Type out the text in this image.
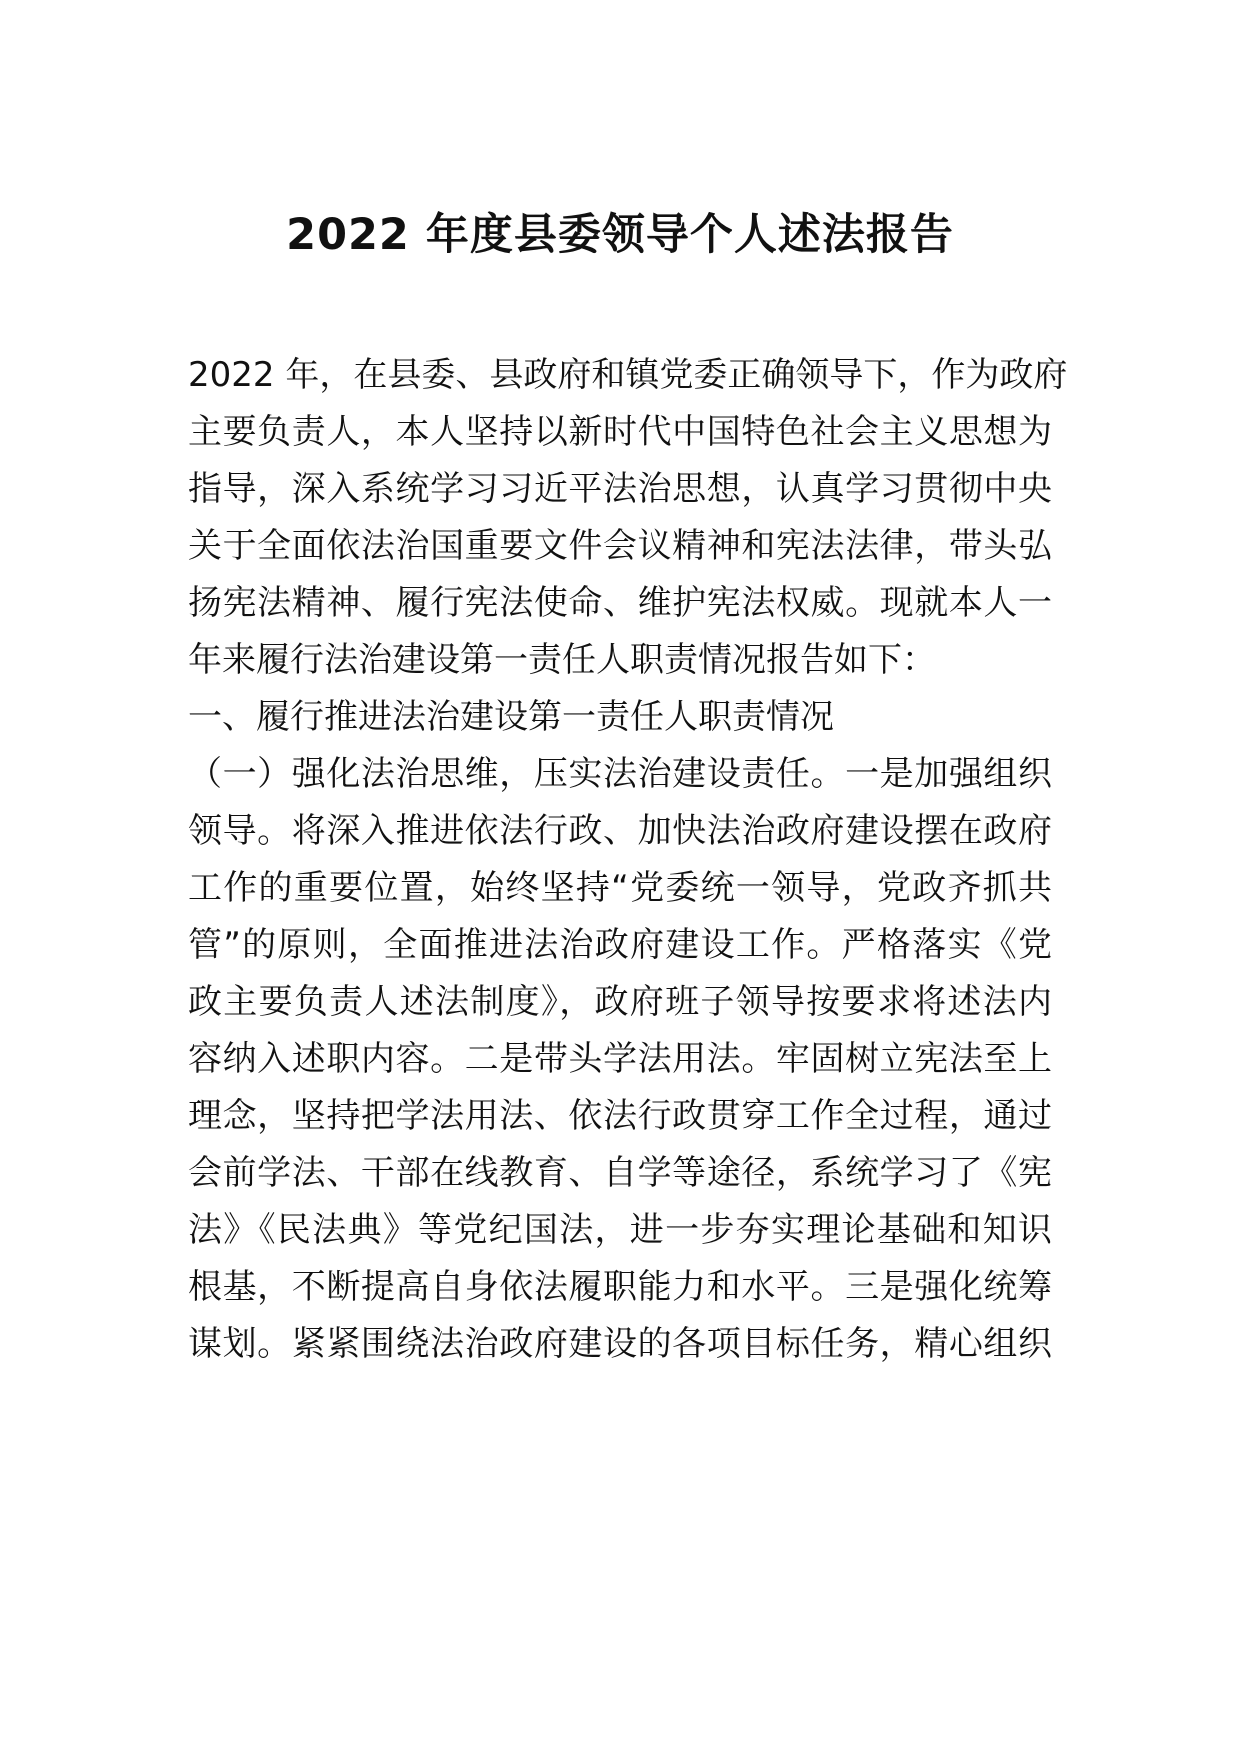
2022 年度县委领导个人述法报告

2022 年，在县委、县政府和镇党委正确领导下，作为政府

主要负责人，本人坚持以新时代中国特色社会主义思想为

指导，深入系统学习习近平法治思想，认真学习贯彻中央

关于全面依法治国重要文件会议精神和宪法法律，带头弘

扬宪法精神、履行宪法使命、维护宪法权威。现就本人一

年来履行法治建设第一责任人职责情况报告如下：

一、履行推进法治建设第一责任人职责情况

（一）强化法治思维，压实法治建设责任。一是加强组织

领导。将深入推进依法行政、加快法治政府建设摆在政府

工作的重要位置，始终坚持“党委统一领导，党政齐抓共

管”的原则，全面推进法治政府建设工作。严格落实《党

政主要负责人述法制度》，政府班子领导按要求将述法内

容纳入述职内容。二是带头学法用法。牢固树立宪法至上

理念，坚持把学法用法、依法行政贯穿工作全过程，通过

会前学法、干部在线教育、自学等途径，系统学习了《宪

法》《民法典》等党纪国法，进一步夯实理论基础和知识

根基，不断提高自身依法履职能力和水平。三是强化统筹

谋划。紧紧围绕法治政府建设的各项目标任务，精心组织
